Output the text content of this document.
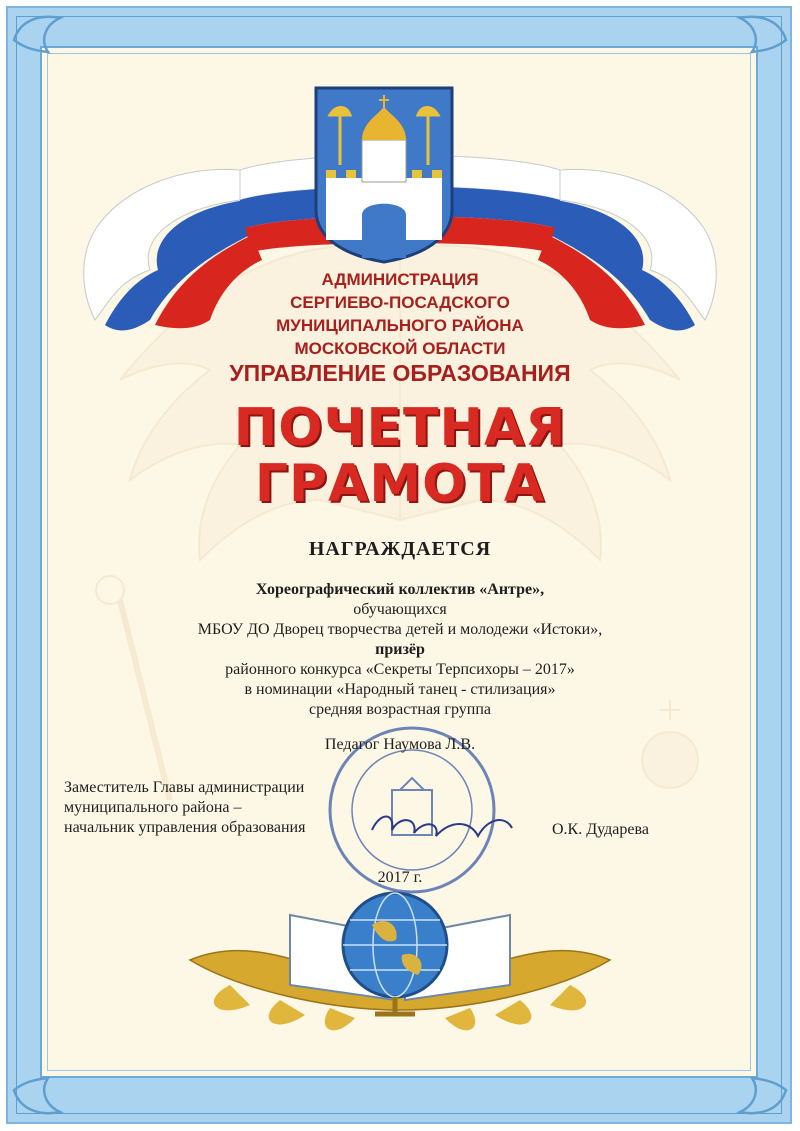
АДМИНИСТРАЦИЯ
СЕРГИЕВО-ПОСАДСКОГО
МУНИЦИПАЛЬНОГО РАЙОНА
МОСКОВСКОЙ ОБЛАСТИ
УПРАВЛЕНИЕ ОБРАЗОВАНИЯ
ПОЧЕТНАЯ
ГРАМОТА
НАГРАЖДАЕТСЯ
Хореографический коллектив «Антре»,
обучающихся
МБОУ ДО Дворец творчества детей и молодежи «Истоки»,
призёр
районного конкурса «Секреты Терпсихоры – 2017»
в номинации «Народный танец - стилизация»
средняя возрастная группа
Педагог Наумова Л.В.
Заместитель Главы администрации
муниципального района –
начальник управления образования	О.К. Дударева
2017 г.
